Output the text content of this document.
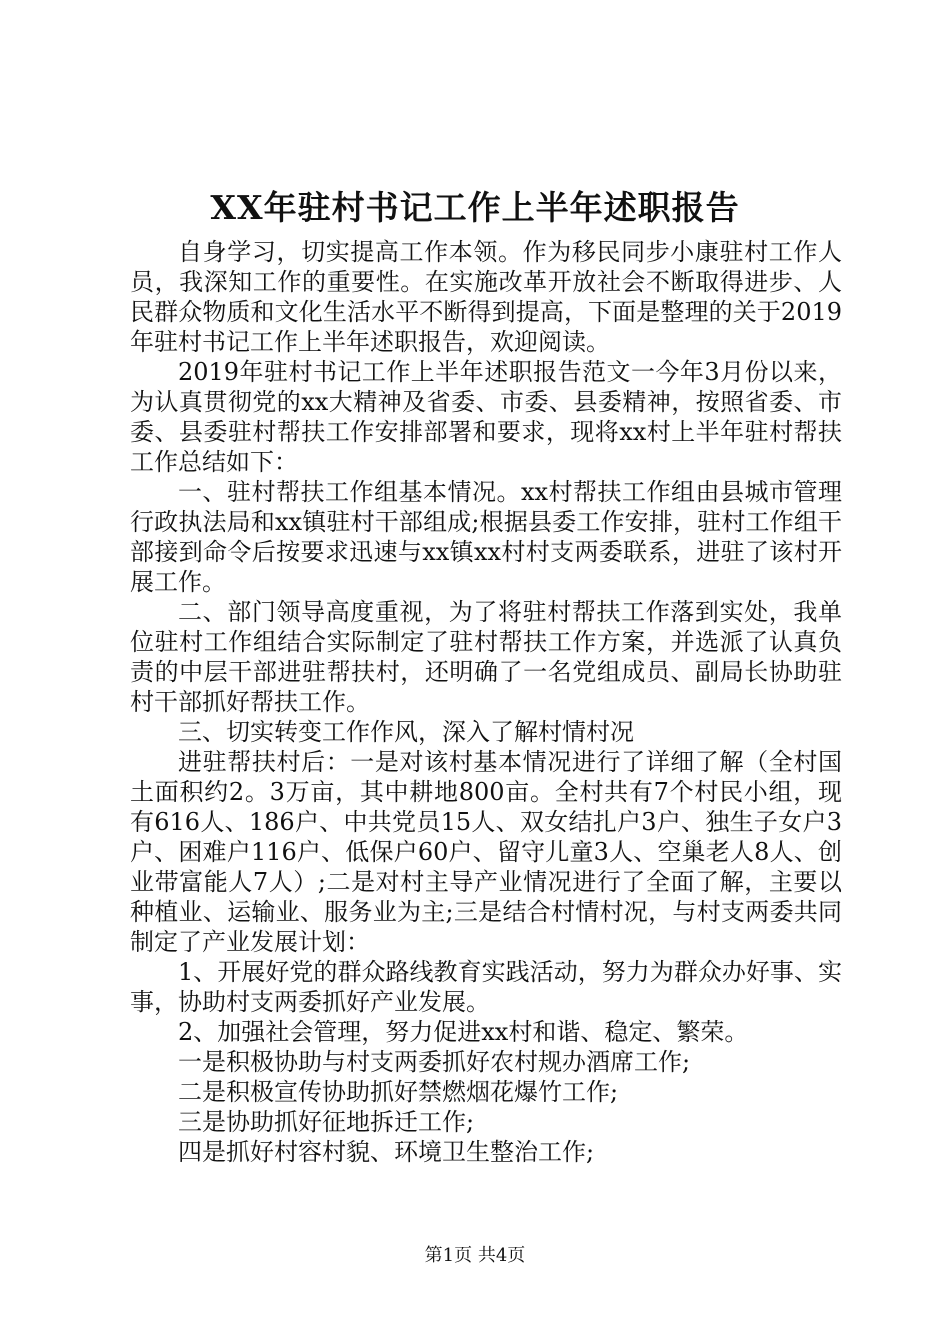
XX年驻村书记工作上半年述职报告

自身学习，切实提高工作本领。作为移民同步小康驻村工作人员，我深知工作的重要性。在实施改革开放社会不断取得进步、人民群众物质和文化生活水平不断得到提高，下面是整理的关于2019年驻村书记工作上半年述职报告，欢迎阅读。

2019年驻村书记工作上半年述职报告范文一今年3月份以来，为认真贯彻党的xx大精神及省委、市委、县委精神，按照省委、市委、县委驻村帮扶工作安排部署和要求，现将xx村上半年驻村帮扶工作总结如下：

一、驻村帮扶工作组基本情况。xx村帮扶工作组由县城市管理行政执法局和xx镇驻村干部组成;根据县委工作安排，驻村工作组干部接到命令后按要求迅速与xx镇xx村村支两委联系，进驻了该村开展工作。

二、部门领导高度重视，为了将驻村帮扶工作落到实处，我单位驻村工作组结合实际制定了驻村帮扶工作方案，并选派了认真负责的中层干部进驻帮扶村，还明确了一名党组成员、副局长协助驻村干部抓好帮扶工作。

三、切实转变工作作风，深入了解村情村况

进驻帮扶村后：一是对该村基本情况进行了详细了解（全村国土面积约2。3万亩，其中耕地800亩。全村共有7个村民小组，现有616人、186户、中共党员15人、双女结扎户3户、独生子女户3户、困难户116户、低保户60户、留守儿童3人、空巢老人8人、创业带富能人7人）;二是对村主导产业情况进行了全面了解，主要以种植业、运输业、服务业为主;三是结合村情村况，与村支两委共同制定了产业发展计划：

1、开展好党的群众路线教育实践活动，努力为群众办好事、实事，协助村支两委抓好产业发展。

2、加强社会管理，努力促进xx村和谐、稳定、繁荣。

一是积极协助与村支两委抓好农村规办酒席工作;

二是积极宣传协助抓好禁燃烟花爆竹工作;

三是协助抓好征地拆迁工作;

四是抓好村容村貌、环境卫生整治工作;

第1页 共4页
